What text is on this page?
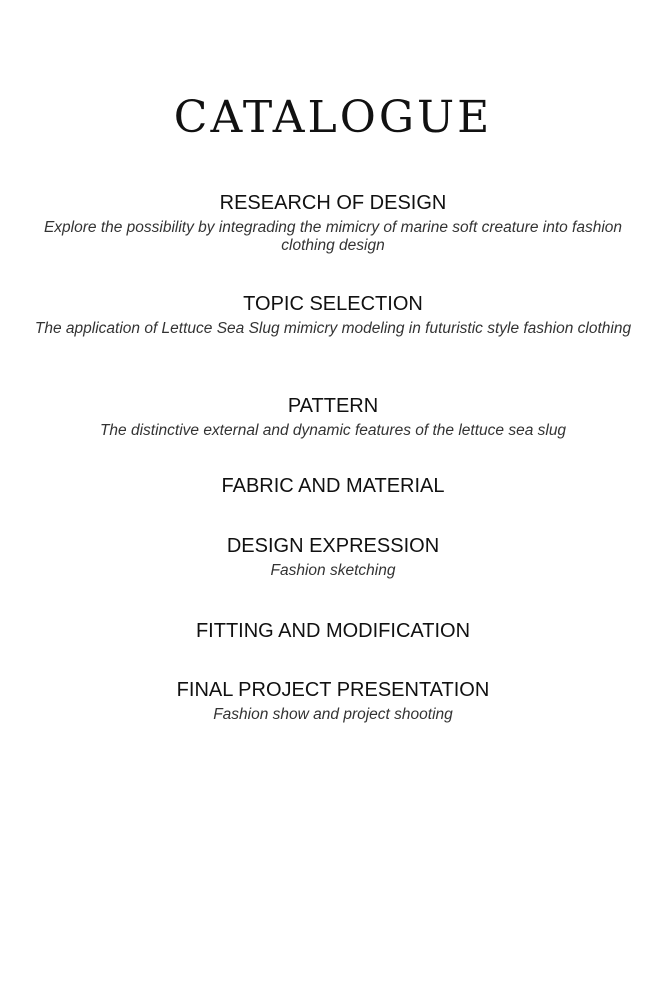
CATALOGUE
RESEARCH OF DESIGN
Explore the possibility by integrading the mimicry of marine soft creature into fashion clothing design
TOPIC SELECTION
The application of Lettuce Sea Slug mimicry modeling in futuristic style fashion clothing
PATTERN
The distinctive external and dynamic features of the lettuce sea slug
FABRIC AND MATERIAL
DESIGN EXPRESSION
Fashion sketching
FITTING AND MODIFICATION
FINAL PROJECT PRESENTATION
Fashion show and project shooting
